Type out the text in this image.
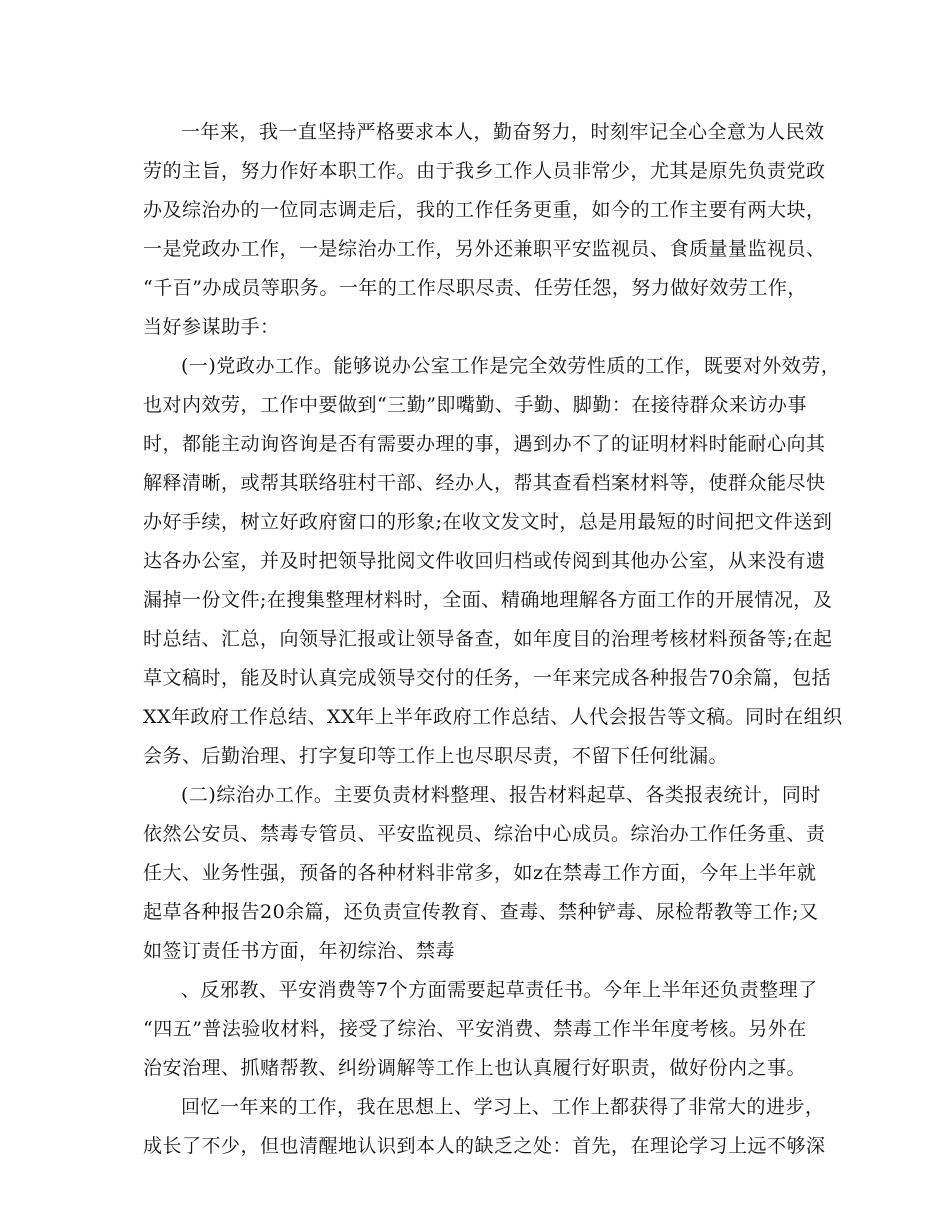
一年来，我一直坚持严格要求本人，勤奋努力，时刻牢记全心全意为人民效
劳的主旨，努力作好本职工作。由于我乡工作人员非常少，尤其是原先负责党政
办及综治办的一位同志调走后，我的工作任务更重，如今的工作主要有两大块，
一是党政办工作，一是综治办工作，另外还兼职平安监视员、食质量量监视员、
“千百”办成员等职务。一年的工作尽职尽责、任劳任怨，努力做好效劳工作，
当好参谋助手：
(一)党政办工作。能够说办公室工作是完全效劳性质的工作，既要对外效劳，
也对内效劳，工作中要做到“三勤”即嘴勤、手勤、脚勤：在接待群众来访办事
时，都能主动询咨询是否有需要办理的事，遇到办不了的证明材料时能耐心向其
解释清晰，或帮其联络驻村干部、经办人，帮其查看档案材料等，使群众能尽快
办好手续，树立好政府窗口的形象;在收文发文时，总是用最短的时间把文件送到
达各办公室，并及时把领导批阅文件收回归档或传阅到其他办公室，从来没有遗
漏掉一份文件;在搜集整理材料时，全面、精确地理解各方面工作的开展情况，及
时总结、汇总，向领导汇报或让领导备查，如年度目的治理考核材料预备等;在起
草文稿时，能及时认真完成领导交付的任务，一年来完成各种报告70余篇，包括
XX年政府工作总结、XX年上半年政府工作总结、人代会报告等文稿。同时在组织
会务、后勤治理、打字复印等工作上也尽职尽责，不留下任何纰漏。
(二)综治办工作。主要负责材料整理、报告材料起草、各类报表统计，同时
依然公安员、禁毒专管员、平安监视员、综治中心成员。综治办工作任务重、责
任大、业务性强，预备的各种材料非常多，如z在禁毒工作方面，今年上半年就
起草各种报告20余篇，还负责宣传教育、查毒、禁种铲毒、尿检帮教等工作;又
如签订责任书方面，年初综治、禁毒
、反邪教、平安消费等7个方面需要起草责任书。今年上半年还负责整理了
“四五”普法验收材料，接受了综治、平安消费、禁毒工作半年度考核。另外在
治安治理、抓赌帮教、纠纷调解等工作上也认真履行好职责，做好份内之事。
回忆一年来的工作，我在思想上、学习上、工作上都获得了非常大的进步，
成长了不少，但也清醒地认识到本人的缺乏之处：首先，在理论学习上远不够深
